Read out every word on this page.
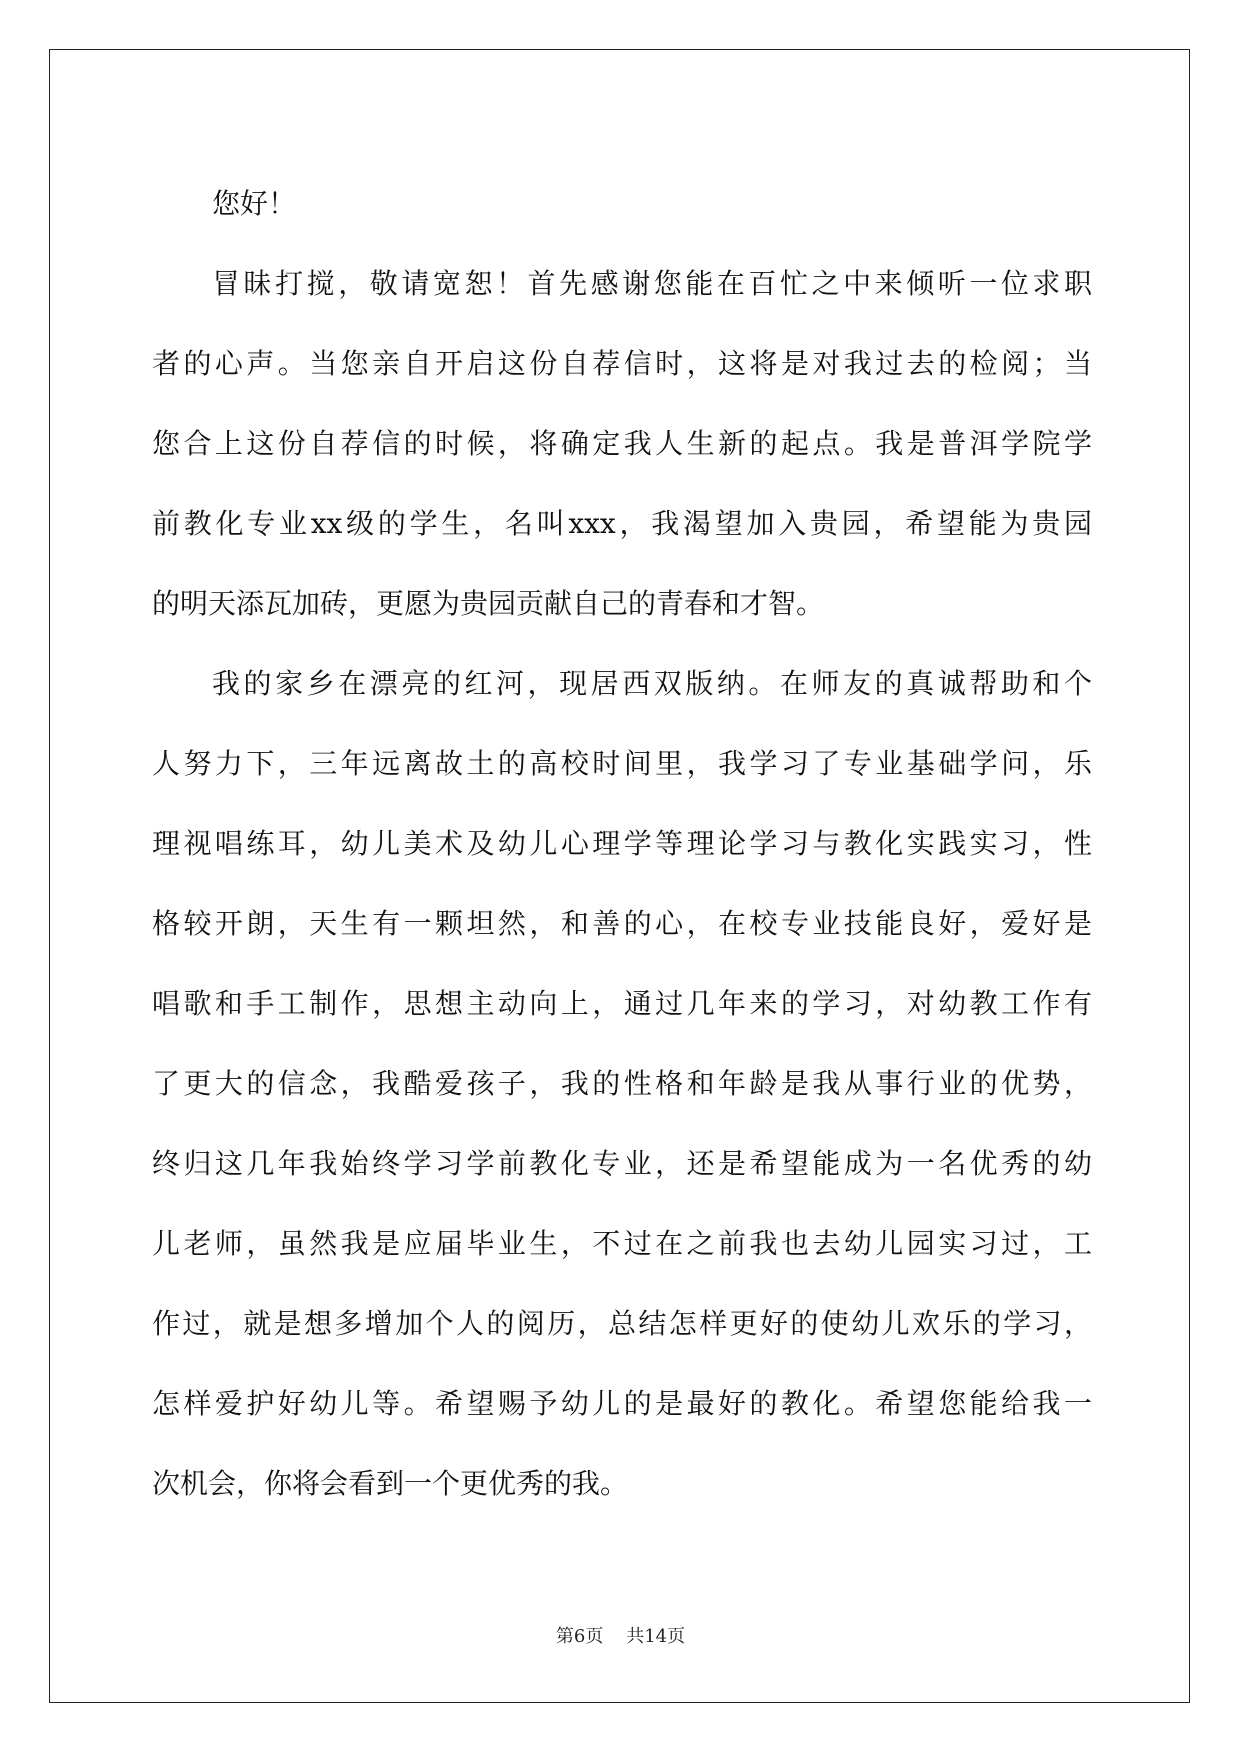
您好！
冒昧打搅，敬请宽恕！首先感谢您能在百忙之中来倾听一位求职
者的心声。当您亲自开启这份自荐信时，这将是对我过去的检阅；当
您合上这份自荐信的时候，将确定我人生新的起点。我是普洱学院学
前教化专业xx级的学生，名叫xxx，我渴望加入贵园，希望能为贵园
的明天添瓦加砖，更愿为贵园贡献自己的青春和才智。
我的家乡在漂亮的红河，现居西双版纳。在师友的真诚帮助和个
人努力下，三年远离故土的高校时间里，我学习了专业基础学问，乐
理视唱练耳，幼儿美术及幼儿心理学等理论学习与教化实践实习，性
格较开朗，天生有一颗坦然，和善的心，在校专业技能良好，爱好是
唱歌和手工制作，思想主动向上，通过几年来的学习，对幼教工作有
了更大的信念，我酷爱孩子，我的性格和年龄是我从事行业的优势，
终归这几年我始终学习学前教化专业，还是希望能成为一名优秀的幼
儿老师，虽然我是应届毕业生，不过在之前我也去幼儿园实习过，工
作过，就是想多增加个人的阅历，总结怎样更好的使幼儿欢乐的学习，
怎样爱护好幼儿等。希望赐予幼儿的是最好的教化。希望您能给我一
次机会，你将会看到一个更优秀的我。
第6页 共14页
